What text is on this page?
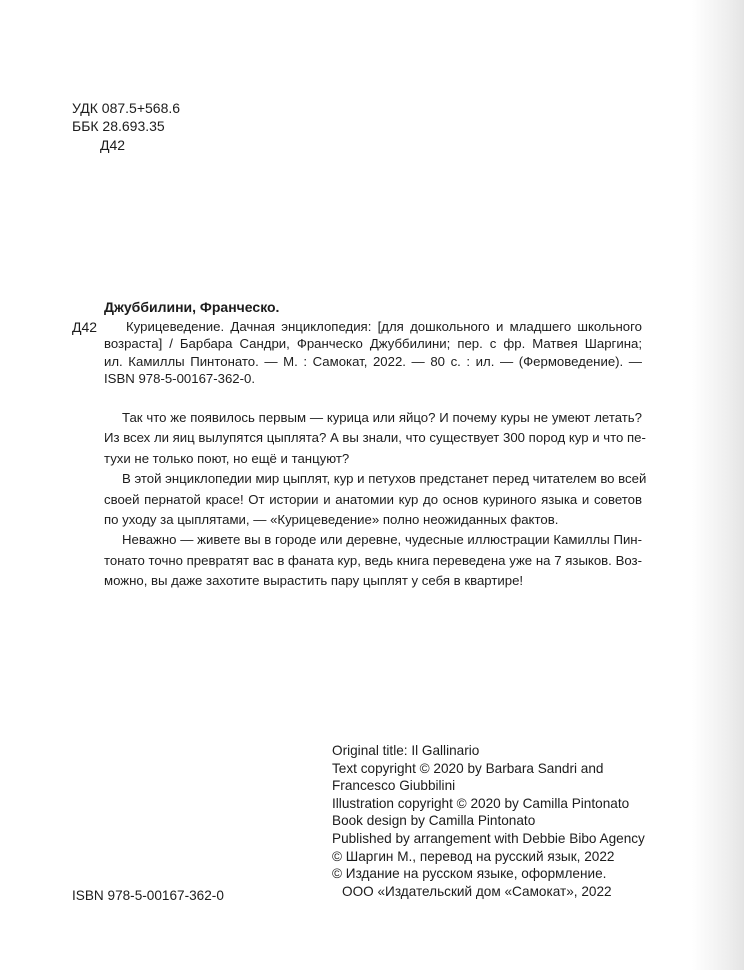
УДК 087.5+568.6
ББК 28.693.35
Д42
Джуббилини, Франческо.
Д42	Курицеведение. Дачная энциклопедия: [для дошкольного и младшего школьного
возраста] / Барбара Сандри, Франческо Джуббилини; пер. с фр. Матвея Шаргина;
ил. Камиллы Пинтонато. — М. : Самокат, 2022. — 80 с. : ил. — (Фермоведение). —
ISBN 978-5-00167-362-0.
Так что же появилось первым — курица или яйцо? И почему куры не умеют летать?
Из всех ли яиц вылупятся цыплята? А вы знали, что существует 300 пород кур и что пе-
тухи не только поют, но ещё и танцуют?
В этой энциклопедии мир цыплят, кур и петухов предстанет перед читателем во всей
своей пернатой красе! От истории и анатомии кур до основ куриного языка и советов
по уходу за цыплятами, — «Курицеведение» полно неожиданных фактов.
Неважно — живете вы в городе или деревне, чудесные иллюстрации Камиллы Пин-
тонато точно превратят вас в фаната кур, ведь книга переведена уже на 7 языков. Воз-
можно, вы даже захотите вырастить пару цыплят у себя в квартире!
Original title: Il Gallinario
Text copyright © 2020 by Barbara Sandri and
Francesco Giubbilini
Illustration copyright © 2020 by Camilla Pintonato
Book design by Camilla Pintonato
Published by arrangement with Debbie Bibo Agency
© Шаргин М., перевод на русский язык, 2022
© Издание на русском языке, оформление.
ООО «Издательский дом «Самокат», 2022
ISBN 978-5-00167-362-0
